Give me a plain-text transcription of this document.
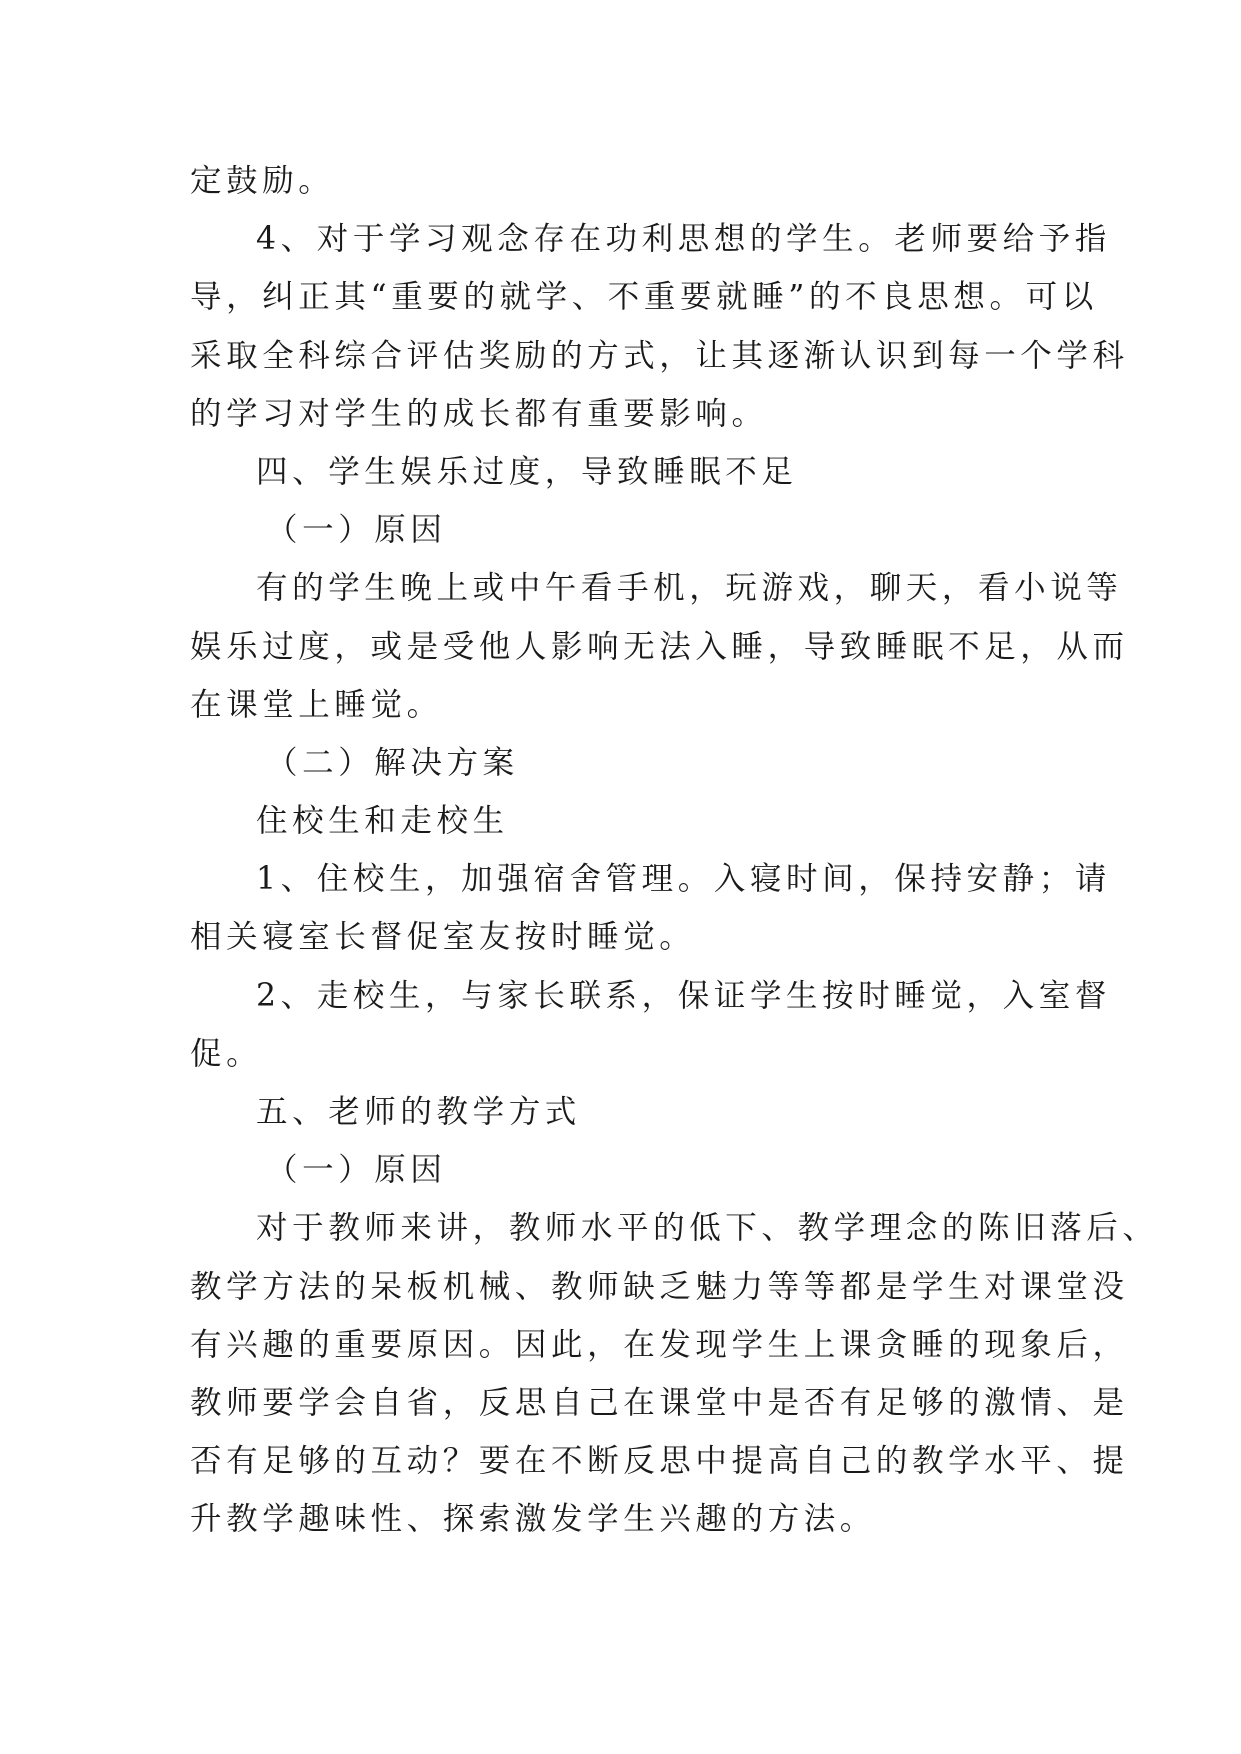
定鼓励。
4、对于学习观念存在功利思想的学生。老师要给予指
导，纠正其“重要的就学、不重要就睡”的不良思想。可以
采取全科综合评估奖励的方式，让其逐渐认识到每一个学科
的学习对学生的成长都有重要影响。
四、学生娱乐过度，导致睡眠不足
（一）原因
有的学生晚上或中午看手机，玩游戏，聊天，看小说等
娱乐过度，或是受他人影响无法入睡，导致睡眠不足，从而
在课堂上睡觉。
（二）解决方案
住校生和走校生
1、住校生，加强宿舍管理。入寝时间，保持安静；请
相关寝室长督促室友按时睡觉。
2、走校生，与家长联系，保证学生按时睡觉，入室督
促。
五、老师的教学方式
（一）原因
对于教师来讲，教师水平的低下、教学理念的陈旧落后、
教学方法的呆板机械、教师缺乏魅力等等都是学生对课堂没
有兴趣的重要原因。因此，在发现学生上课贪睡的现象后，
教师要学会自省，反思自己在课堂中是否有足够的激情、是
否有足够的互动？要在不断反思中提高自己的教学水平、提
升教学趣味性、探索激发学生兴趣的方法。
